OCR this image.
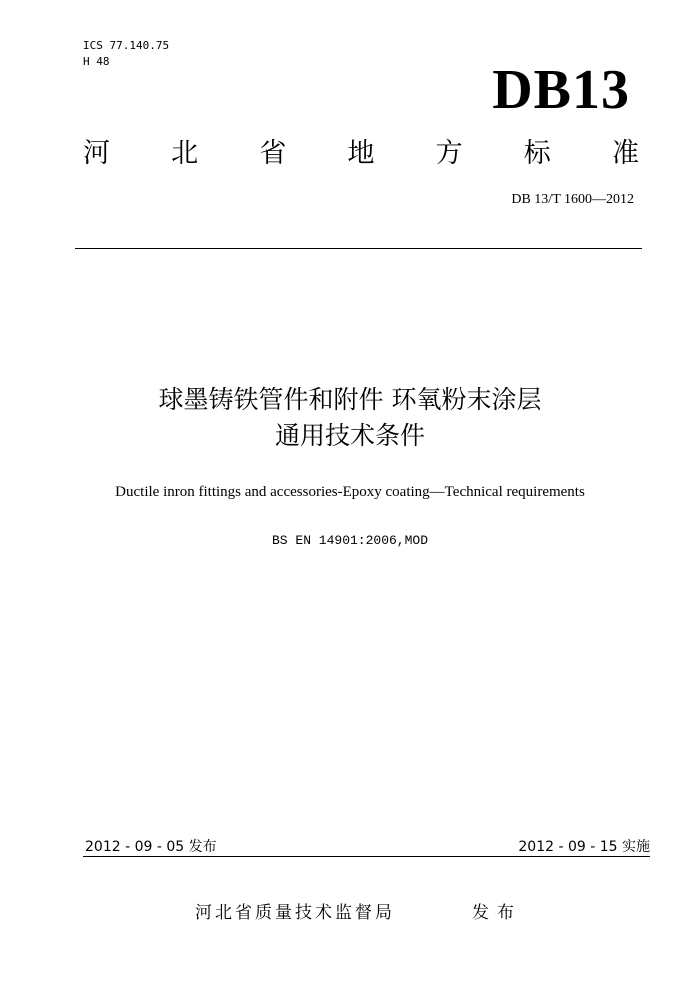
ICS 77.140.75
H 48	DB13
河 北 省 地 方 标 准
DB 13/T 1600—2012
球墨铸铁管件和附件 环氧粉末涂层
通用技术条件
Ductile inron fittings and accessories-Epoxy coating—Technical requirements
BS EN 14901:2006,MOD
2012 - 09 - 05 发布	2012 - 09 - 15 实施
河北省质量技术监督局	发布
